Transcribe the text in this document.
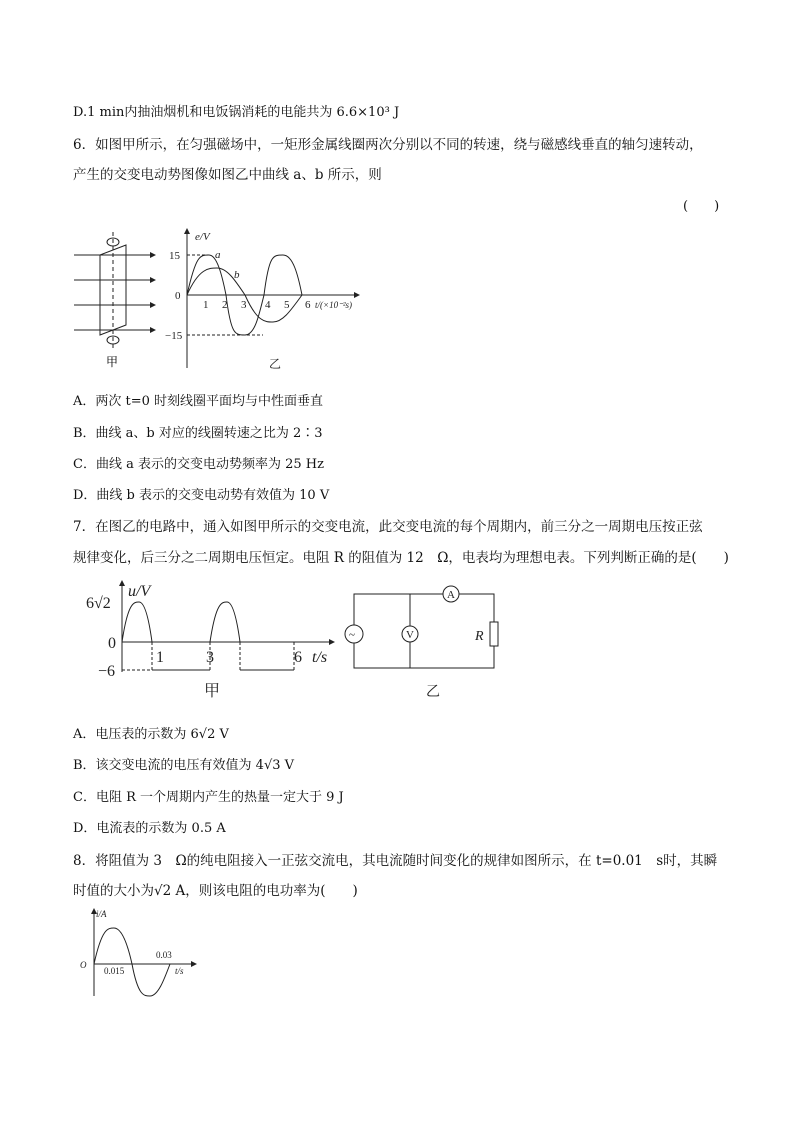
D.1 min内抽油烟机和电饭锅消耗的电能共为 6.6×10³ J
6．如图甲所示，在匀强磁场中，一矩形金属线圈两次分别以不同的转速，绕与磁感线垂直的轴匀速转动，
产生的交变电动势图像如图乙中曲线 a、b 所示，则
(　　)
甲
e/V
15
0
−15
1 2 3 4 5 6 t/(×10⁻²s)
a
b
乙
A．两次 t=0 时刻线圈平面均与中性面垂直
B．曲线 a、b 对应的线圈转速之比为 2∶3
C．曲线 a 表示的交变电动势频率为 25 Hz
D．曲线 b 表示的交变电动势有效值为 10 V
7．在图乙的电路中，通入如图甲所示的交变电流，此交变电流的每个周期内，前三分之一周期电压按正弦
规律变化，后三分之二周期电压恒定。电阻 R 的阻值为 12　Ω，电表均为理想电表。下列判断正确的是(　　)
u/V
6√2
0
−6
1	3	6 t/s
甲
~	V
A
R
乙
A．电压表的示数为 6√2 V
B．该交变电流的电压有效值为 4√3 V
C．电阻 R 一个周期内产生的热量一定大于 9 J
D．电流表的示数为 0.5 A
8．将阻值为 3　Ω的纯电阻接入一正弦交流电，其电流随时间变化的规律如图所示，在 t=0.01　s时，其瞬
时值的大小为√2 A，则该电阻的电功率为(　　)
i/A
O
0.015
0.03
t/s
